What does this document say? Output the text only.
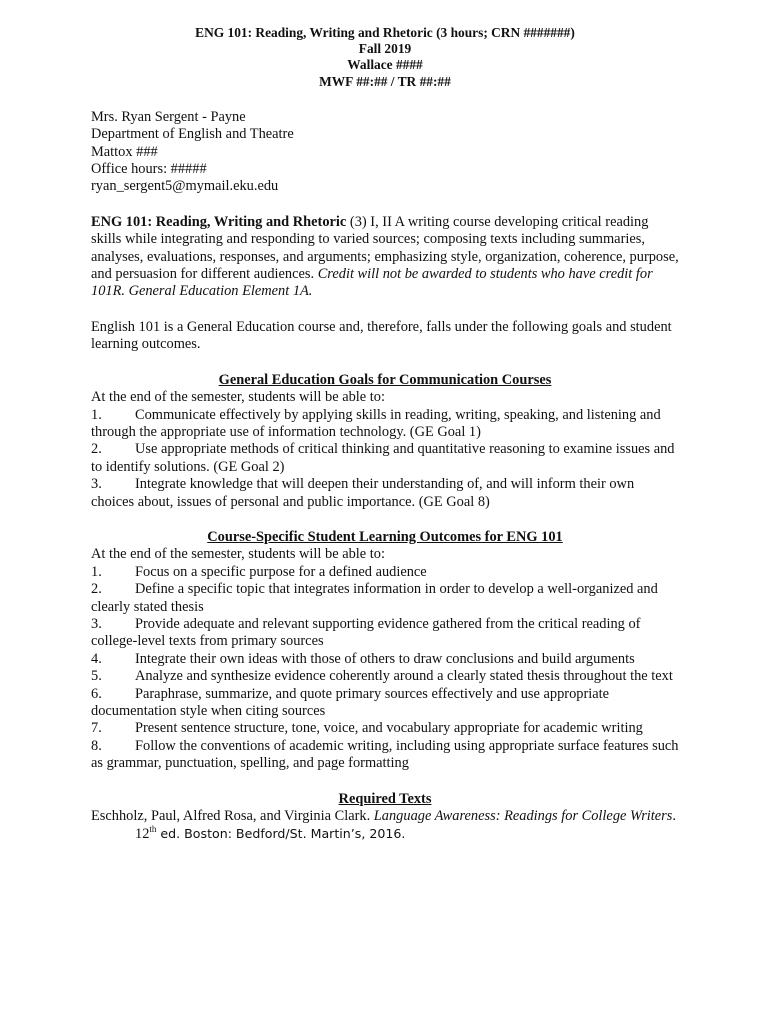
ENG 101: Reading, Writing and Rhetoric (3 hours; CRN #######)
Fall 2019
Wallace ####
MWF ##:## / TR ##:##
Mrs. Ryan Sergent - Payne
Department of English and Theatre
Mattox ###
Office hours: #####
ryan_sergent5@mymail.eku.edu

ENG 101: Reading, Writing and Rhetoric (3) I, II A writing course developing critical reading skills while integrating and responding to varied sources; composing texts including summaries, analyses, evaluations, responses, and arguments; emphasizing style, organization, coherence, purpose, and persuasion for different audiences. Credit will not be awarded to students who have credit for 101R. General Education Element 1A.

English 101 is a General Education course and, therefore, falls under the following goals and student learning outcomes.

General Education Goals for Communication Courses
At the end of the semester, students will be able to:
1. Communicate effectively by applying skills in reading, writing, speaking, and listening and through the appropriate use of information technology. (GE Goal 1)
2. Use appropriate methods of critical thinking and quantitative reasoning to examine issues and to identify solutions. (GE Goal 2)
3. Integrate knowledge that will deepen their understanding of, and will inform their own choices about, issues of personal and public importance. (GE Goal 8)
Course-Specific Student Learning Outcomes for ENG 101
At the end of the semester, students will be able to:
1. Focus on a specific purpose for a defined audience
2. Define a specific topic that integrates information in order to develop a well-organized and clearly stated thesis
3. Provide adequate and relevant supporting evidence gathered from the critical reading of college-level texts from primary sources
4. Integrate their own ideas with those of others to draw conclusions and build arguments
5. Analyze and synthesize evidence coherently around a clearly stated thesis throughout the text
6. Paraphrase, summarize, and quote primary sources effectively and use appropriate documentation style when citing sources
7. Present sentence structure, tone, voice, and vocabulary appropriate for academic writing
8. Follow the conventions of academic writing, including using appropriate surface features such as grammar, punctuation, spelling, and page formatting
Required Texts

Eschholz, Paul, Alfred Rosa, and Virginia Clark. Language Awareness: Readings for College Writers. 12th ed. Boston: Bedford/St. Martin’s, 2016.
